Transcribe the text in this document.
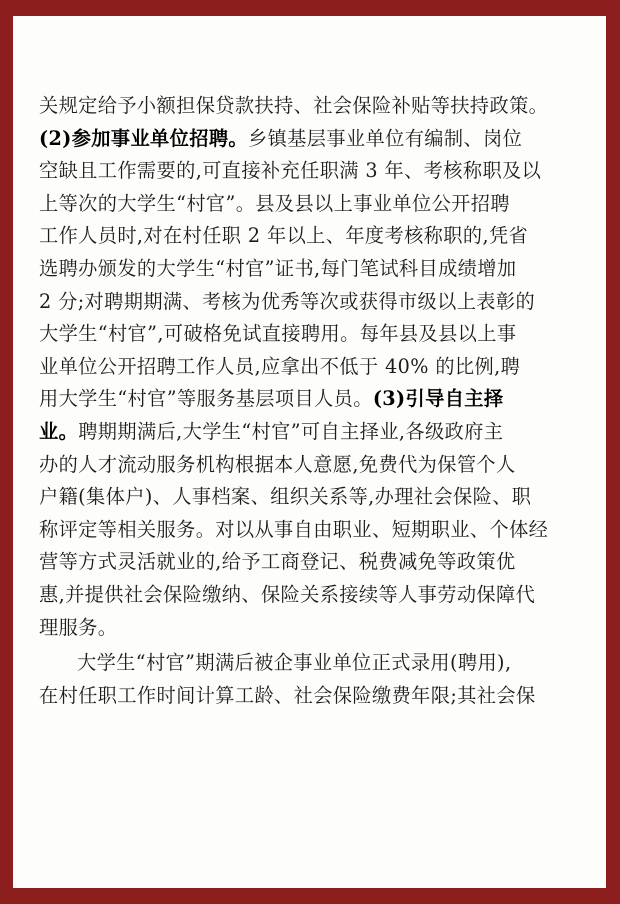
关规定给予小额担保贷款扶持、社会保险补贴等扶持政策。
(2)参加事业单位招聘。乡镇基层事业单位有编制、岗位
空缺且工作需要的,可直接补充任职满 3 年、考核称职及以
上等次的大学生“村官”。县及县以上事业单位公开招聘
工作人员时,对在村任职 2 年以上、年度考核称职的,凭省
选聘办颁发的大学生“村官”证书,每门笔试科目成绩增加
2 分;对聘期期满、考核为优秀等次或获得市级以上表彰的
大学生“村官”,可破格免试直接聘用。每年县及县以上事
业单位公开招聘工作人员,应拿出不低于 40% 的比例,聘
用大学生“村官”等服务基层项目人员。(3)引导自主择
业。聘期期满后,大学生“村官”可自主择业,各级政府主
办的人才流动服务机构根据本人意愿,免费代为保管个人
户籍(集体户)、人事档案、组织关系等,办理社会保险、职
称评定等相关服务。对以从事自由职业、短期职业、个体经
营等方式灵活就业的,给予工商登记、税费减免等政策优
惠,并提供社会保险缴纳、保险关系接续等人事劳动保障代
理服务。
大学生“村官”期满后被企事业单位正式录用(聘用),
在村任职工作时间计算工龄、社会保险缴费年限;其社会保
